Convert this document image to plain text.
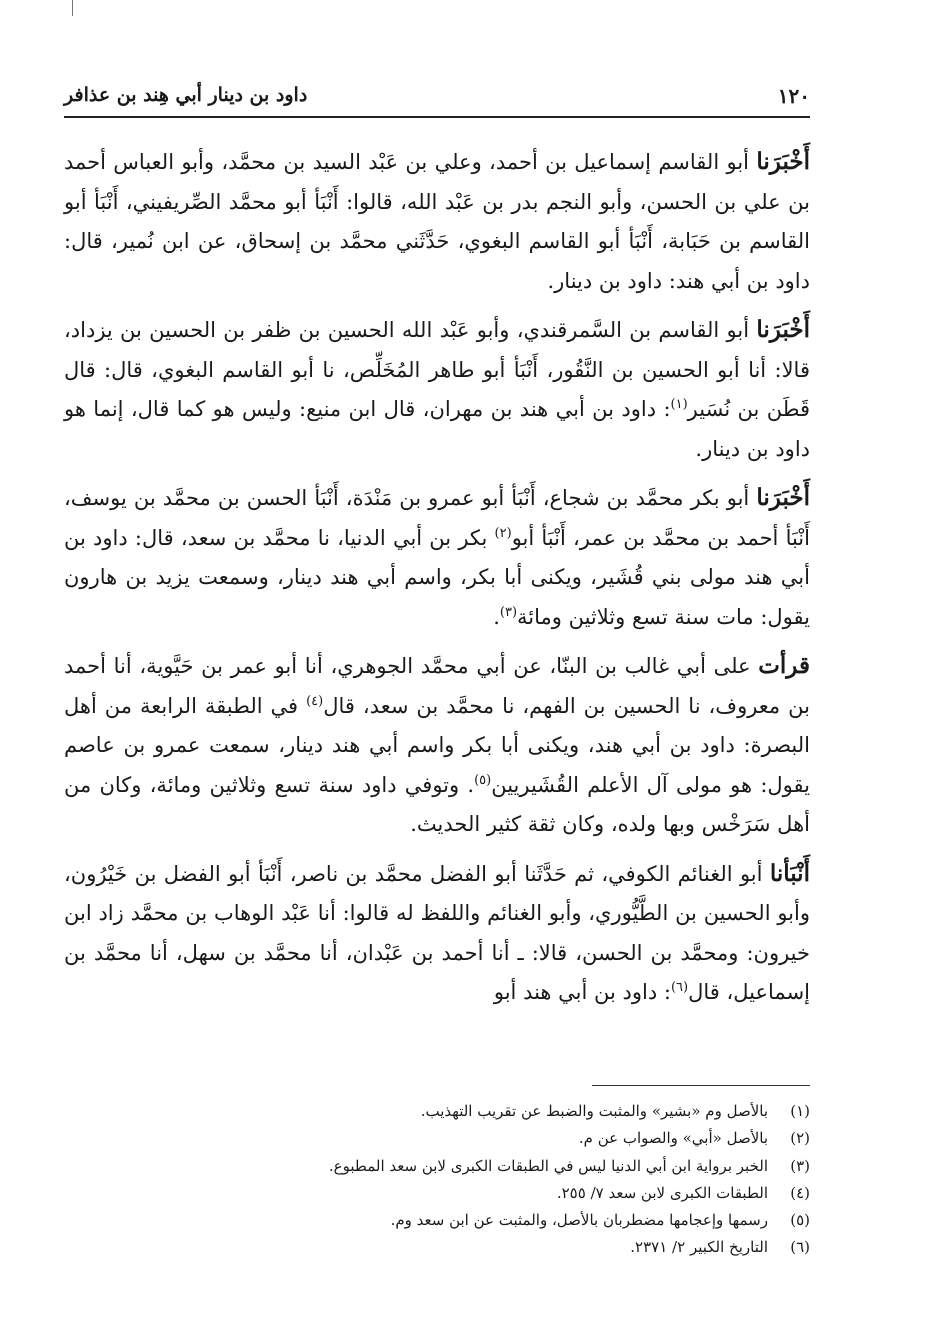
١٢٠
داود بن دينار أبي هِند بن عذافر

أَخْبَرَنا أبو القاسم إسماعيل بن أحمد، وعلي بن عَبْد السيد بن محمَّد، وأبو العباس أحمد بن علي بن الحسن، وأبو النجم بدر بن عَبْد الله، قالوا: أَنْبَأ أبو محمَّد الصِّريفيني، أَنْبَأ أبو القاسم بن حَبَابة، أَنْبَأ أبو القاسم البغوي، حَدَّثَني محمَّد بن إسحاق، عن ابن نُمير، قال: داود بن أبي هند: داود بن دينار.

أَخْبَرَنا أبو القاسم بن السَّمرقندي، وأبو عَبْد الله الحسين بن ظفر بن الحسين بن يزداد، قالا: أنا أبو الحسين بن النَّقُور، أَنْبَأ أبو طاهر المُخَلِّص، نا أبو القاسم البغوي، قال: قال قَطَن بن نُسَير$^{(١)}$: داود بن أبي هند بن مهران، قال ابن منيع: وليس هو كما قال، إنما هو داود بن دينار.

أَخْبَرَنا أبو بكر محمَّد بن شجاع، أَنْبَأ أبو عمرو بن مَنْدَة، أَنْبَأ الحسن بن محمَّد بن يوسف، أَنْبَأ أحمد بن محمَّد بن عمر، أَنْبَأ أبو$^{(٢)}$ بكر بن أبي الدنيا، نا محمَّد بن سعد، قال: داود بن أبي هند مولى بني قُشَير، ويكنى أبا بكر، واسم أبي هند دينار، وسمعت يزيد بن هارون يقول: مات سنة تسع وثلاثين ومائة$^{(٣)}$.

قرأت على أبي غالب بن البنّا، عن أبي محمَّد الجوهري، أنا أبو عمر بن حَيَّوية، أنا أحمد بن معروف، نا الحسين بن الفهم، نا محمَّد بن سعد، قال$^{(٤)}$ في الطبقة الرابعة من أهل البصرة: داود بن أبي هند، ويكنى أبا بكر واسم أبي هند دينار، سمعت عمرو بن عاصم يقول: هو مولى آل الأعلم القُشَيريين$^{(٥)}$. وتوفي داود سنة تسع وثلاثين ومائة، وكان من أهل سَرَخْس وبها ولده، وكان ثقة كثير الحديث.

أَنْبَأنا أبو الغنائم الكوفي، ثم حَدَّثَنا أبو الفضل محمَّد بن ناصر، أَنْبَأ أبو الفضل بن خَيْرُون، وأبو الحسين بن الطَّيُّوري، وأبو الغنائم واللفظ له قالوا: أنا عَبْد الوهاب بن محمَّد زاد ابن خيرون: ومحمَّد بن الحسن، قالا: ـ أنا أحمد بن عَبْدان، أنا محمَّد بن سهل، أنا محمَّد بن إسماعيل، قال$^{(٦)}$: داود بن أبي هند أبو

(١)
بالأصل وم «بشير» والمثبت والضبط عن تقريب التهذيب.
(٢)
بالأصل «أبي» والصواب عن م.
(٣)
الخبر برواية ابن أبي الدنيا ليس في الطبقات الكبرى لابن سعد المطبوع.
(٤)
الطبقات الكبرى لابن سعد ٧/ ٢٥٥.
(٥)
رسمها وإعجامها مضطربان بالأصل، والمثبت عن ابن سعد وم.
(٦)
التاريخ الكبير ٢/ ٢٣٧١.
